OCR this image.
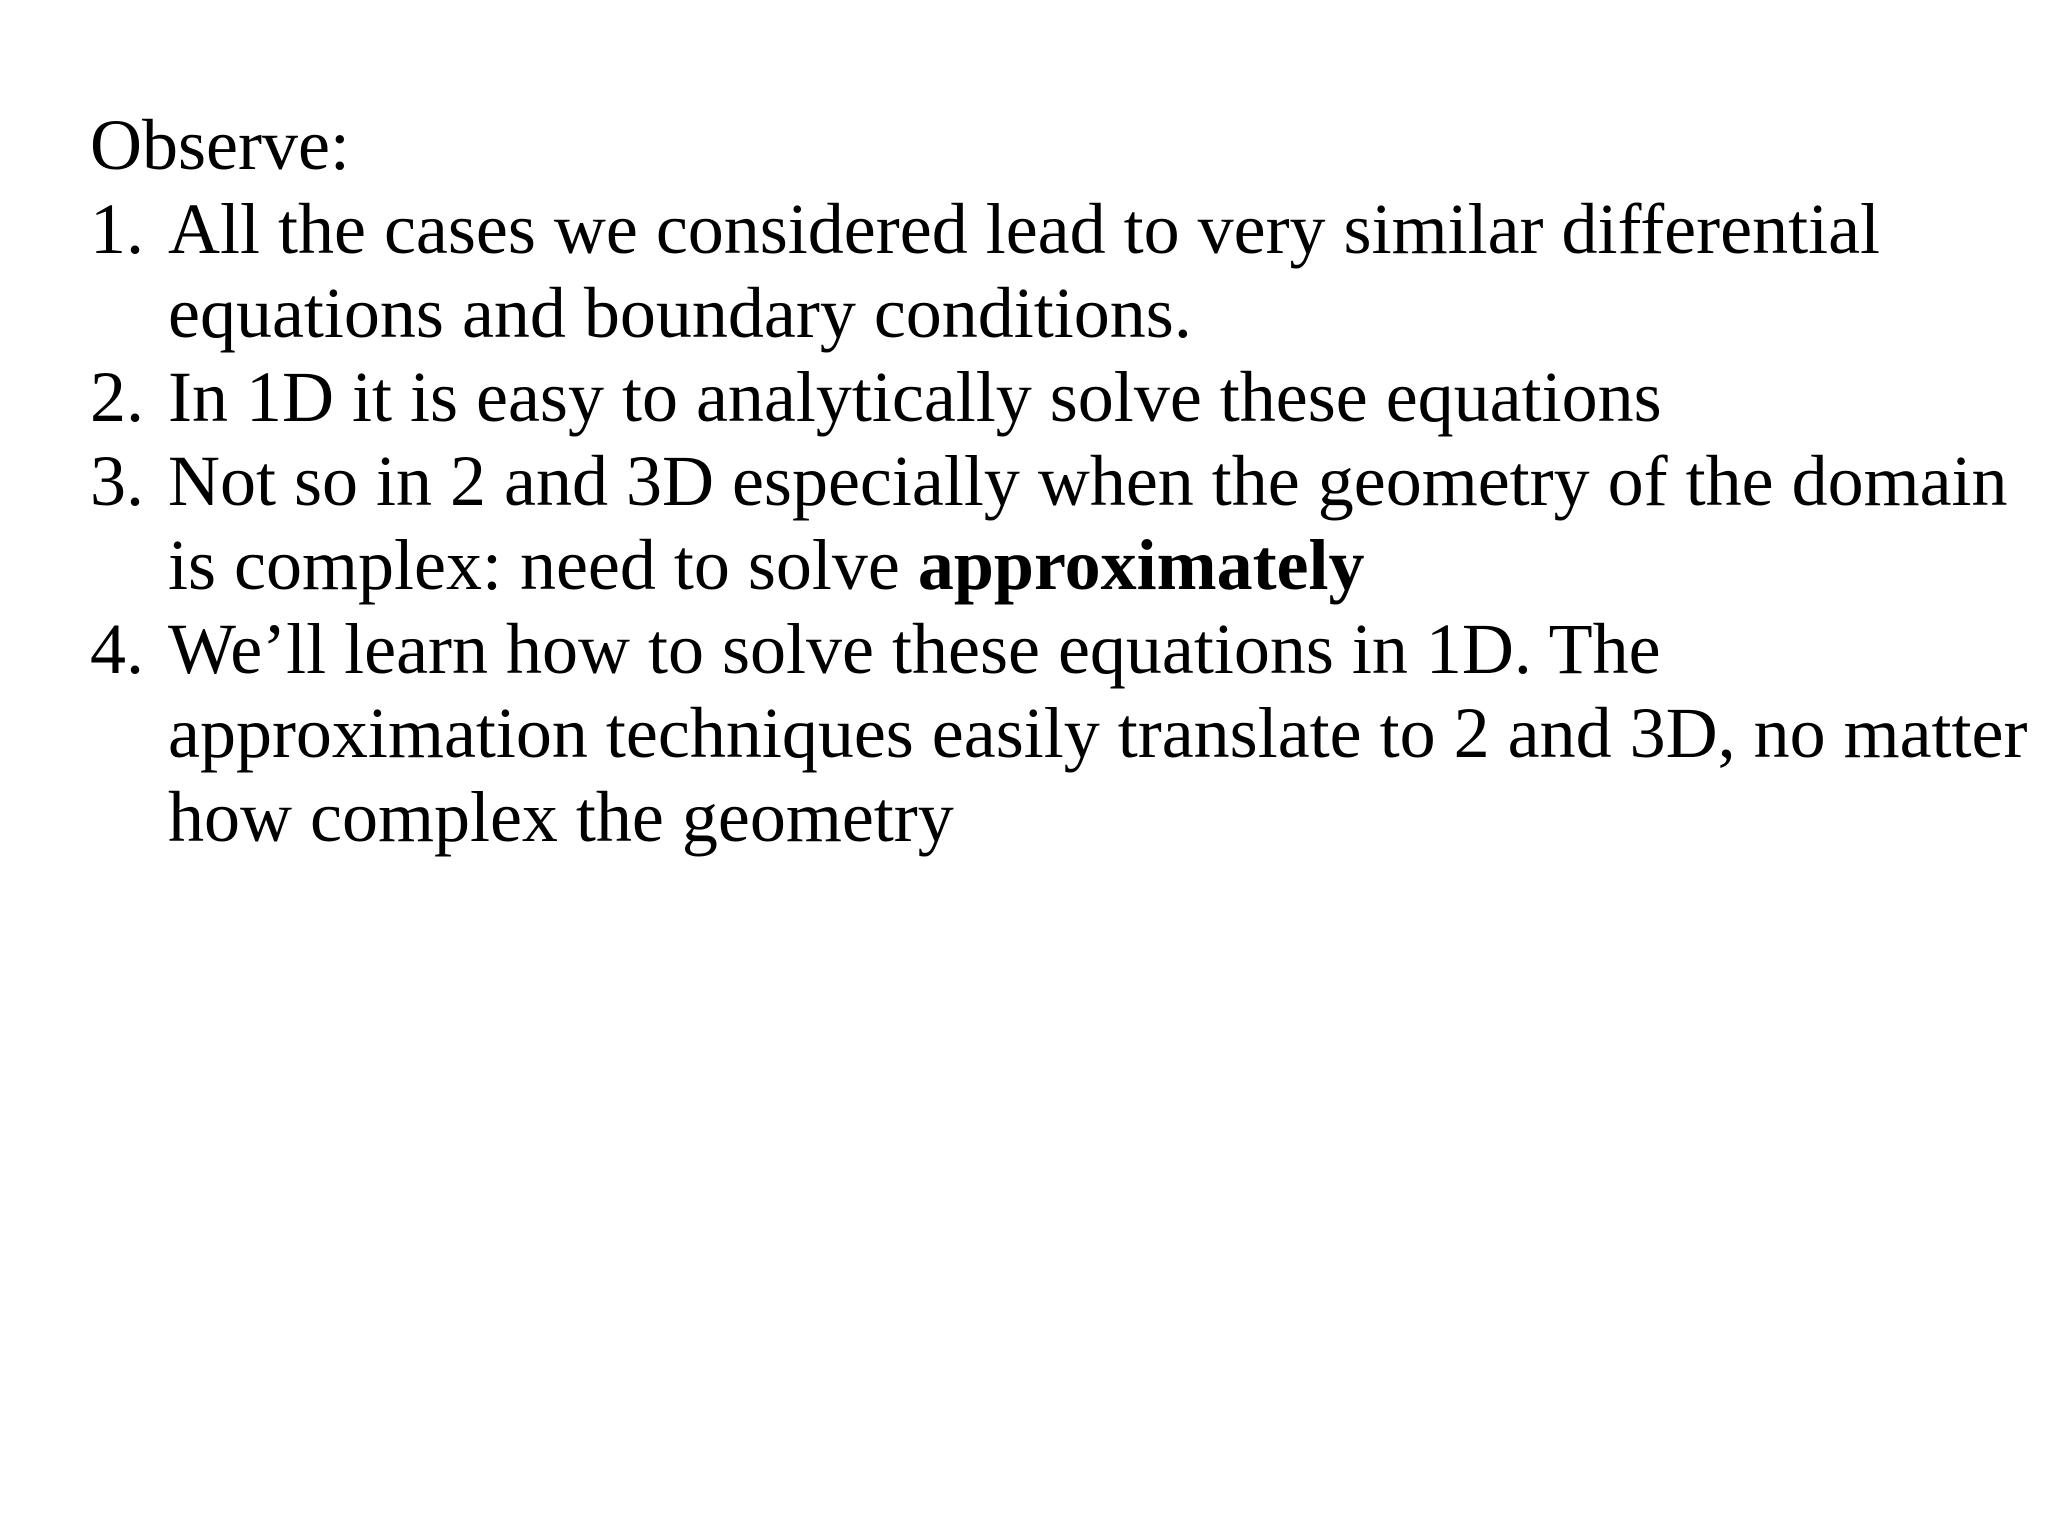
Observe:

1. All the cases we considered lead to very similar differential equations and boundary conditions.
2. In 1D it is easy to analytically solve these equations
3. Not so in 2 and 3D especially when the geometry of the domain is complex: need to solve approximately
4. We’ll learn how to solve these equations in 1D. The approximation techniques easily translate to 2 and 3D, no matter how complex the geometry
